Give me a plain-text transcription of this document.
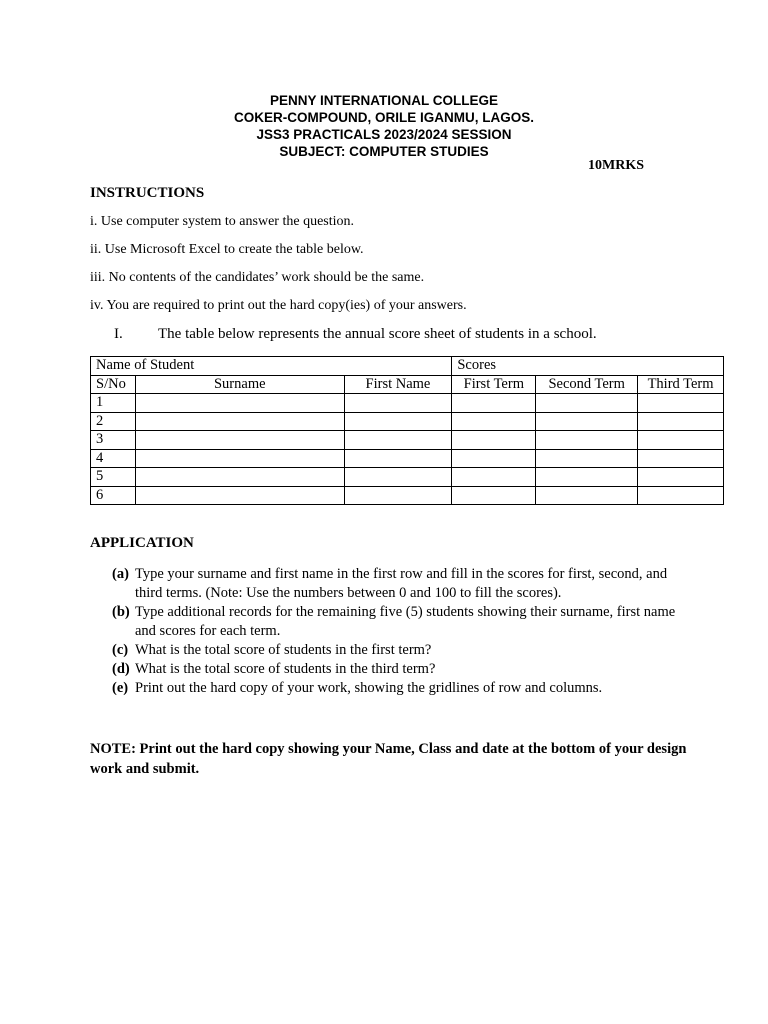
PENNY INTERNATIONAL COLLEGE
COKER-COMPOUND, ORILE IGANMU, LAGOS.
JSS3 PRACTICALS 2023/2024 SESSION
SUBJECT: COMPUTER STUDIES
10MRKS
INSTRUCTIONS
i. Use computer system to answer the question.
ii. Use Microsoft Excel to create the table below.
iii. No contents of the candidates’ work should be the same.
iv. You are required to print out the hard copy(ies) of your answers.
I. The table below represents the annual score sheet of students in a school.
Name of Student			Scores		
S/No	Surname	First Name	First Term	Second Term	Third Term
1					
2					
3					
4					
5					
6					
APPLICATION
(a) Type your surname and first name in the first row and fill in the scores for first, second, and third terms. (Note: Use the numbers between 0 and 100 to fill the scores).
(b) Type additional records for the remaining five (5) students showing their surname, first name and scores for each term.
(c) What is the total score of students in the first term?
(d) What is the total score of students in the third term?
(e) Print out the hard copy of your work, showing the gridlines of row and columns.
NOTE: Print out the hard copy showing your Name, Class and date at the bottom of your design work and submit.
